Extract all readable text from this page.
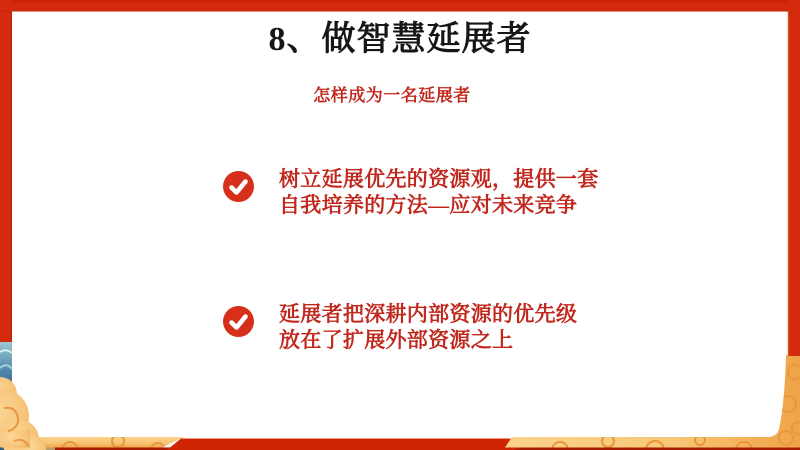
8、做智慧延展者
怎样成为一名延展者
树立延展优先的资源观，提供一套
自我培养的方法—应对未来竞争
延展者把深耕内部资源的优先级
放在了扩展外部资源之上
